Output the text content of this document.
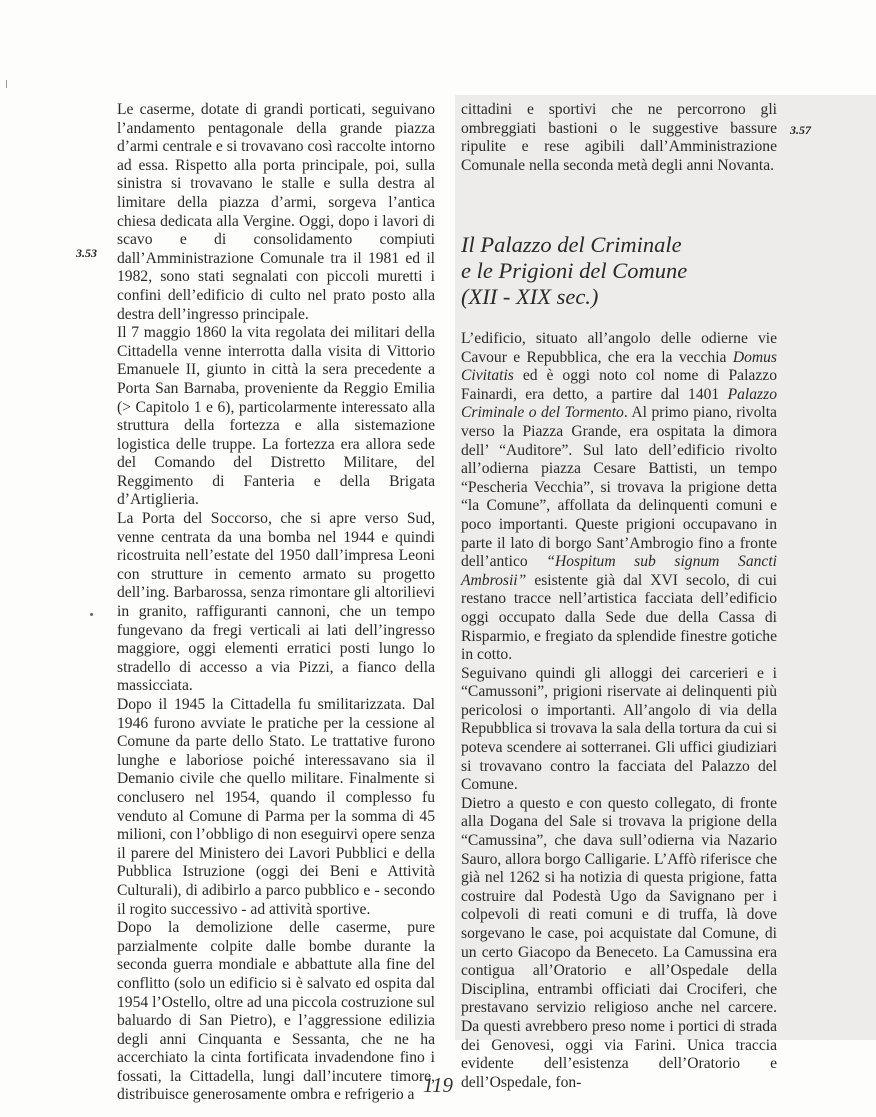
3.53
3.57

Le caserme, dotate di grandi porticati, seguivano l’andamento pentagonale della grande piazza d’armi centrale e si trovavano così raccolte intorno ad essa. Rispetto alla porta principale, poi, sulla sinistra si trovavano le stalle e sulla destra al limitare della piazza d’armi, sorgeva l’antica chiesa dedicata alla Vergine. Oggi, dopo i lavori di scavo e di consolidamento compiuti dall’Amministrazione Comunale tra il 1981 ed il 1982, sono stati segnalati con piccoli muretti i confini dell’edificio di culto nel prato posto alla destra dell’ingresso principale.

Il 7 maggio 1860 la vita regolata dei militari della Cittadella venne interrotta dalla visita di Vittorio Emanuele II, giunto in città la sera precedente a Porta San Barnaba, proveniente da Reggio Emilia (> Capitolo 1 e 6), particolarmente interessato alla struttura della fortezza e alla sistemazione logistica delle truppe. La fortezza era allora sede del Comando del Distretto Militare, del Reggimento di Fanteria e della Brigata d’Artiglieria.

La Porta del Soccorso, che si apre verso Sud, venne centrata da una bomba nel 1944 e quindi ricostruita nell’estate del 1950 dall’impresa Leoni con strutture in cemento armato su progetto dell’ing. Barbarossa, senza rimontare gli altorilievi in granito, raffiguranti cannoni, che un tempo fungevano da fregi verticali ai lati dell’ingresso maggiore, oggi elementi erratici posti lungo lo stradello di accesso a via Pizzi, a fianco della massicciata.

Dopo il 1945 la Cittadella fu smilitarizzata. Dal 1946 furono avviate le pratiche per la cessione al Comune da parte dello Stato. Le trattative furono lunghe e laboriose poiché interessavano sia il Demanio civile che quello militare. Finalmente si conclusero nel 1954, quando il complesso fu venduto al Comune di Parma per la somma di 45 milioni, con l’obbligo di non eseguirvi opere senza il parere del Ministero dei Lavori Pubblici e della Pubblica Istruzione (oggi dei Beni e Attività Culturali), di adibirlo a parco pubblico e - secondo il rogito successivo - ad attività sportive.

Dopo la demolizione delle caserme, pure parzialmente colpite dalle bombe durante la seconda guerra mondiale e abbattute alla fine del conflitto (solo un edificio si è salvato ed ospita dal 1954 l’Ostello, oltre ad una piccola costruzione sul baluardo di San Pietro), e l’aggressione edilizia degli anni Cinquanta e Sessanta, che ne ha accerchiato la cinta fortificata invadendone fino i fossati, la Cittadella, lungi dall’incutere timore, distribuisce generosamente ombra e refrigerio a

cittadini e sportivi che ne percorrono gli ombreggiati bastioni o le suggestive bassure ripulite e rese agibili dall’Amministrazione Comunale nella seconda metà degli anni Novanta.

Il Palazzo del Criminale
e le Prigioni del Comune
(XII - XIX sec.)

L’edificio, situato all’angolo delle odierne vie Cavour e Repubblica, che era la vecchia Domus Civitatis ed è oggi noto col nome di Palazzo Fainardi, era detto, a partire dal 1401 Palazzo Criminale o del Tormento. Al primo piano, rivolta verso la Piazza Grande, era ospitata la dimora dell’ “Auditore”. Sul lato dell’edificio rivolto all’odierna piazza Cesare Battisti, un tempo “Pescheria Vecchia”, si trovava la prigione detta “la Comune”, affollata da delinquenti comuni e poco importanti. Queste prigioni occupavano in parte il lato di borgo Sant’Ambrogio fino a fronte dell’antico “Hospitum sub signum Sancti Ambrosii” esistente già dal XVI secolo, di cui restano tracce nell’artistica facciata dell’edificio oggi occupato dalla Sede due della Cassa di Risparmio, e fregiato da splendide finestre gotiche in cotto.

Seguivano quindi gli alloggi dei carcerieri e i “Camussoni”, prigioni riservate ai delinquenti più pericolosi o importanti. All’angolo di via della Repubblica si trovava la sala della tortura da cui si poteva scendere ai sotterranei. Gli uffici giudiziari si trovavano contro la facciata del Palazzo del Comune.

Dietro a questo e con questo collegato, di fronte alla Dogana del Sale si trovava la prigione della “Camussina”, che dava sull’odierna via Nazario Sauro, allora borgo Calligarie. L’Affò riferisce che già nel 1262 si ha notizia di questa prigione, fatta costruire dal Podestà Ugo da Savignano per i colpevoli di reati comuni e di truffa, là dove sorgevano le case, poi acquistate dal Comune, di un certo Giacopo da Beneceto. La Camussina era contigua all’Oratorio e all’Ospedale della Disciplina, entrambi officiati dai Crociferi, che prestavano servizio religioso anche nel carcere. Da questi avrebbero preso nome i portici di strada dei Genovesi, oggi via Farini. Unica traccia evidente dell’esistenza dell’Oratorio e dell’Ospedale, fon-

119
